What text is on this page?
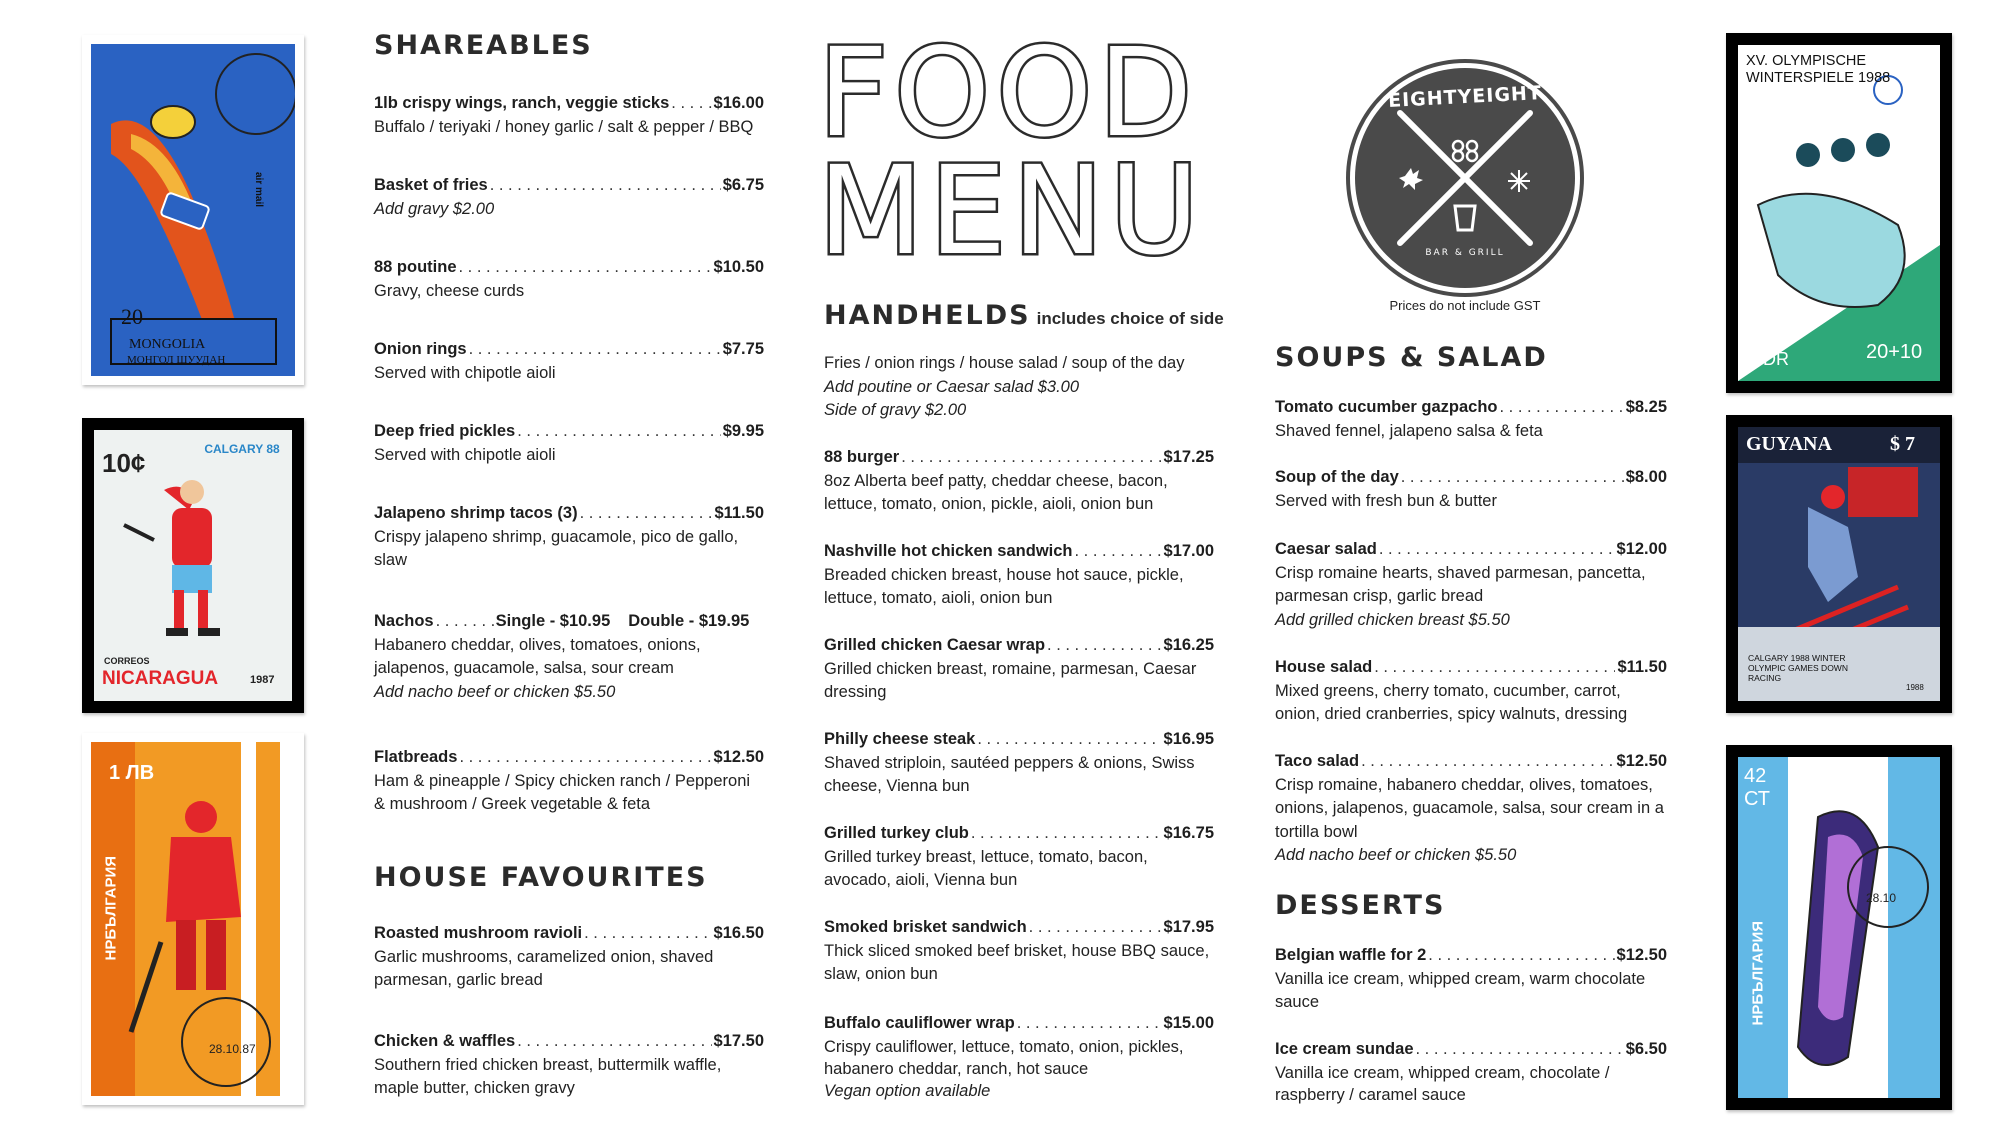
20
MONGOLIA
МОНГОЛ ШУУДАН
air mail
10¢	CALGARY 88
CORREOS
NICARAGUA	1987
1 ЛВ
НРБЪЛГАРИЯ
28.10.87
XV. OLYMPISCHE WINTERSPIELE 1988
DDR	20+10
GUYANA	$ 7
CALGARY 1988 WINTER OLYMPIC GAMES DOWN RACING
1988
42 СТ
НРБЪЛГАРИЯ
28.10
SHAREABLES
1lb crispy wings, ranch, veggie sticks . . .	$16.00
Buffalo / teriyaki / honey garlic / salt & pepper / BBQ
Basket of fries . . .	$6.75
Add gravy $2.00
88 poutine . . .	$10.50
Gravy, cheese curds
Onion rings . . .	$7.75
Served with chipotle aioli
Deep fried pickles . . .	$9.95
Served with chipotle aioli
Jalapeno shrimp tacos (3) . . .	$11.50
Crispy jalapeno shrimp, guacamole, pico de gallo, slaw
Nachos . . .	Single - $10.95 Double - $19.95
Habanero cheddar, olives, tomatoes, onions, jalapenos, guacamole, salsa, sour cream
Add nacho beef or chicken $5.50
Flatbreads . . .	$12.50
Ham & pineapple / Spicy chicken ranch / Pepperoni & mushroom / Greek vegetable & feta
HOUSE FAVOURITES
Roasted mushroom ravioli . . .	$16.50
Garlic mushrooms, caramelized onion, shaved parmesan, garlic bread
Chicken & waffles . . .	$17.50
Southern fried chicken breast, buttermilk waffle, maple butter, chicken gravy
FOOD
MENU
EIGHTYEIGHT
BAR & GRILL
Prices do not include GST
HANDHELDS includes choice of side
Fries / onion rings / house salad / soup of the day
Add poutine or Caesar salad $3.00
Side of gravy $2.00
88 burger . . .	$17.25
8oz Alberta beef patty, cheddar cheese, bacon, lettuce, tomato, onion, pickle, aioli, onion bun
Nashville hot chicken sandwich . . .	$17.00
Breaded chicken breast, house hot sauce, pickle, lettuce, tomato, aioli, onion bun
Grilled chicken Caesar wrap . . .	$16.25
Grilled chicken breast, romaine, parmesan, Caesar dressing
Philly cheese steak . . .	$16.95
Shaved striploin, sautéed peppers & onions, Swiss cheese, Vienna bun
Grilled turkey club . . .	$16.75
Grilled turkey breast, lettuce, tomato, bacon, avocado, aioli, Vienna bun
Smoked brisket sandwich . . .	$17.95
Thick sliced smoked beef brisket, house BBQ sauce, slaw, onion bun
Buffalo cauliflower wrap . . .	$15.00
Crispy cauliflower, lettuce, tomato, onion, pickles, habanero cheddar, ranch, hot sauce
Vegan option available
SOUPS & SALAD
Tomato cucumber gazpacho . . .	$8.25
Shaved fennel, jalapeno salsa & feta
Soup of the day . . .	$8.00
Served with fresh bun & butter
Caesar salad . . .	$12.00
Crisp romaine hearts, shaved parmesan, pancetta, parmesan crisp, garlic bread
Add grilled chicken breast $5.50
House salad . . .	$11.50
Mixed greens, cherry tomato, cucumber, carrot, onion, dried cranberries, spicy walnuts, dressing
Taco salad . . .	$12.50
Crisp romaine, habanero cheddar, olives, tomatoes, onions, jalapenos, guacamole, salsa, sour cream in a tortilla bowl
Add nacho beef or chicken $5.50
DESSERTS
Belgian waffle for 2 . . .	$12.50
Vanilla ice cream, whipped cream, warm chocolate sauce
Ice cream sundae . . .	$6.50
Vanilla ice cream, whipped cream, chocolate / raspberry / caramel sauce
